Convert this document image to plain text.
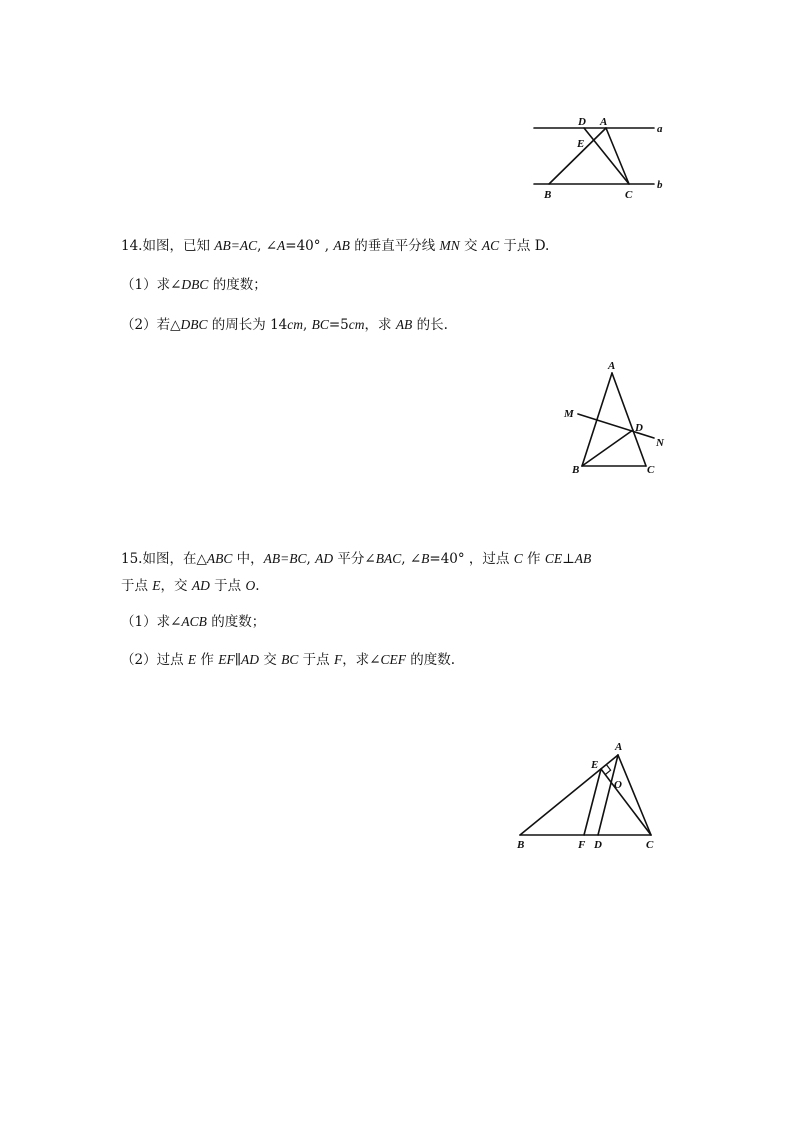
D A
E
a
b
B	C

14.如图，已知 AB=AC, ∠A=40° , AB 的垂直平分线 MN 交 AC 于点 D.

（1）求∠DBC 的度数；

（2）若△DBC 的周长为 14cm, BC=5cm，求 AB 的长.

A
M
D
N
B	C

15.如图，在△ABC 中，AB=BC, AD 平分∠BAC, ∠B=40° ，过点 C 作 CE⊥AB

于点 E，交 AD 于点 O.

（1）求∠ACB 的度数；

（2）过点 E 作 EF∥AD 交 BC 于点 F，求∠CEF 的度数.

A
E
O
B	F D	C
